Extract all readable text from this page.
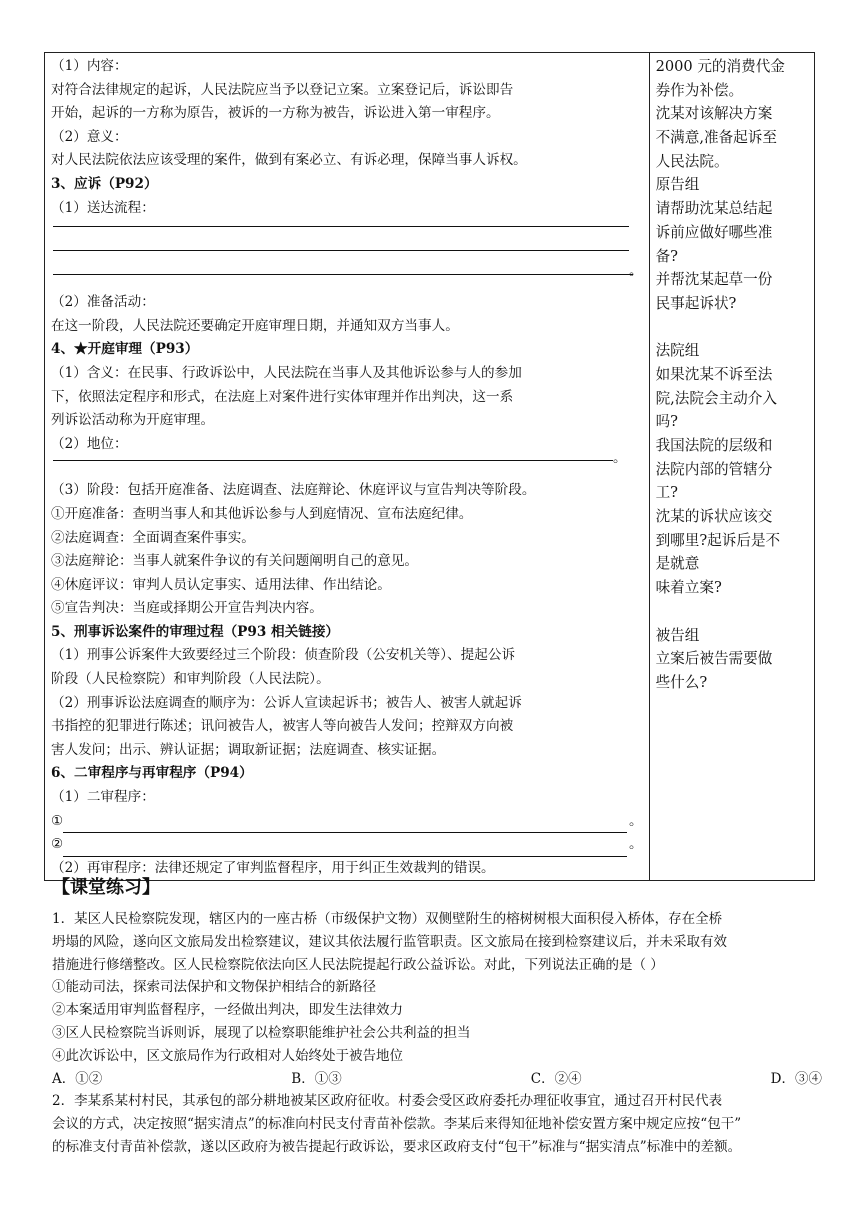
（1）内容：
对符合法律规定的起诉，人民法院应当予以登记立案。立案登记后，诉讼即告
开始，起诉的一方称为原告，被诉的一方称为被告，诉讼进入第一审程序。
（2）意义：
对人民法院依法应该受理的案件，做到有案必立、有诉必理，保障当事人诉权。
3、应诉（P92）
（1）送达流程：
。
（2）准备活动：
在这一阶段，人民法院还要确定开庭审理日期，并通知双方当事人。
4、★开庭审理（P93）
（1）含义：在民事、行政诉讼中，人民法院在当事人及其他诉讼参与人的参加
下，依照法定程序和形式，在法庭上对案件进行实体审理并作出判决，这一系
列诉讼活动称为开庭审理。
（2）地位：
。
（3）阶段：包括开庭准备、法庭调查、法庭辩论、休庭评议与宣告判决等阶段。
①开庭准备：查明当事人和其他诉讼参与人到庭情况、宣布法庭纪律。
②法庭调查：全面调查案件事实。
③法庭辩论：当事人就案件争议的有关问题阐明自己的意见。
④休庭评议：审判人员认定事实、适用法律、作出结论。
⑤宣告判决：当庭或择期公开宣告判决内容。
5、刑事诉讼案件的审理过程（P93 相关链接）
（1）刑事公诉案件大致要经过三个阶段：侦查阶段（公安机关等）、提起公诉
阶段（人民检察院）和审判阶段（人民法院）。
（2）刑事诉讼法庭调查的顺序为：公诉人宣读起诉书；被告人、被害人就起诉
书指控的犯罪进行陈述；讯问被告人，被害人等向被告人发问；控辩双方向被
害人发问；出示、辨认证据；调取新证据；法庭调查、核实证据。
6、二审程序与再审程序（P94）
（1）二审程序：
①	。
②	。
（2）再审程序：法律还规定了审判监督程序，用于纠正生效裁判的错误。

2000 元的消费代金
券作为补偿。
沈某对该解决方案
不满意,准备起诉至
人民法院。
原告组
请帮助沈某总结起
诉前应做好哪些准
备?
并帮沈某起草一份
民事起诉状?
法院组
如果沈某不诉至法
院,法院会主动介入
吗?
我国法院的层级和
法院内部的管辖分
工?
沈某的诉状应该交
到哪里?起诉后是不
是就意
味着立案?
被告组
立案后被告需要做
些什么?
【课堂练习】
1．某区人民检察院发现，辖区内的一座古桥（市级保护文物）双侧壁附生的榕树树根大面积侵入桥体，存在全桥
坍塌的风险，遂向区文旅局发出检察建议，建议其依法履行监管职责。区文旅局在接到检察建议后，并未采取有效
措施进行修缮整改。区人民检察院依法向区人民法院提起行政公益诉讼。对此，下列说法正确的是（ ）
①能动司法，探索司法保护和文物保护相结合的新路径
②本案适用审判监督程序，一经做出判决，即发生法律效力
③区人民检察院当诉则诉，展现了以检察职能维护社会公共利益的担当
④此次诉讼中，区文旅局作为行政相对人始终处于被告地位
A．①②	B．①③	C．②④	D．③④
2．李某系某村村民，其承包的部分耕地被某区政府征收。村委会受区政府委托办理征收事宜，通过召开村民代表
会议的方式，决定按照“据实清点”的标准向村民支付青苗补偿款。李某后来得知征地补偿安置方案中规定应按“包干”
的标准支付青苗补偿款，遂以区政府为被告提起行政诉讼，要求区政府支付“包干”标准与“据实清点”标准中的差额。
